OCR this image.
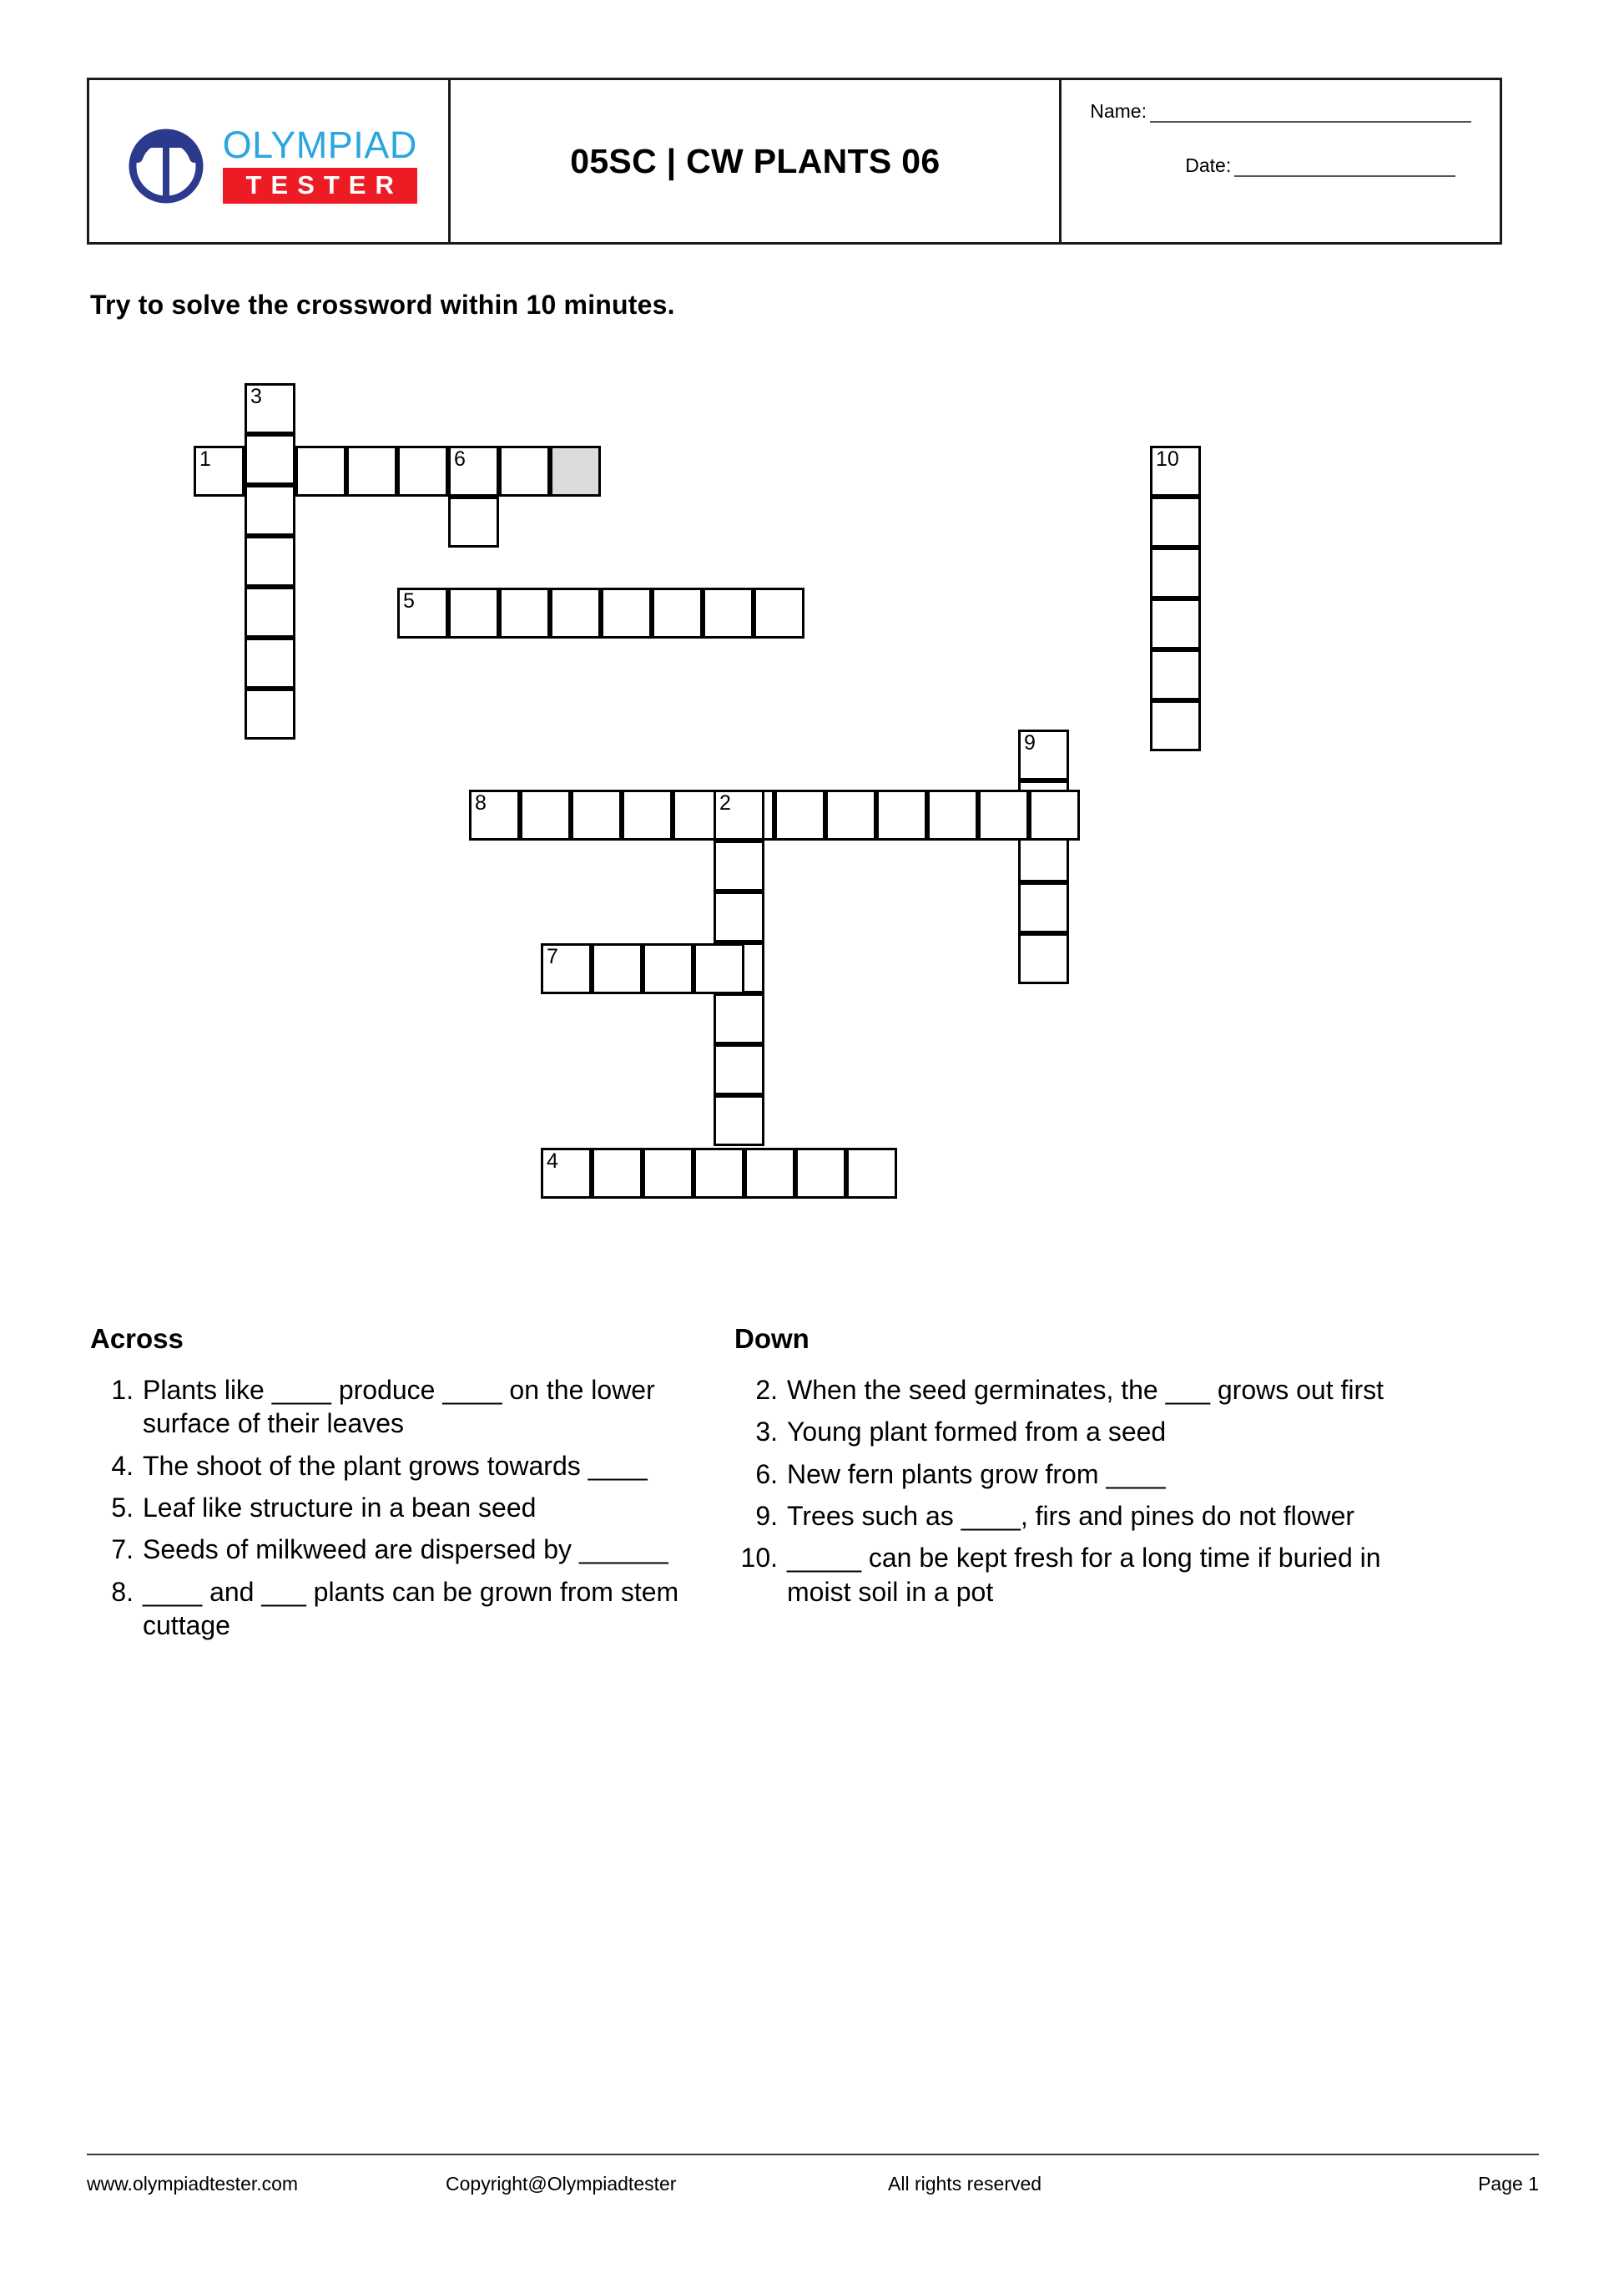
OLYMPIAD
TESTER
05SC | CW PLANTS 06
Name:
Date:
Try to solve the crossword within 10 minutes.
1	6
3
10
5
9
8	2
7
4
Across
1. Plants like ____ produce ____ on the lower surface of their leaves
4. The shoot of the plant grows towards ____
5. Leaf like structure in a bean seed
7. Seeds of milkweed are dispersed by ______
8. ____ and ___ plants can be grown from stem cuttage
Down
2. When the seed germinates, the ___ grows out first
3. Young plant formed from a seed
6. New fern plants grow from ____
9. Trees such as ____, firs and pines do not flower
10. _____ can be kept fresh for a long time if buried in moist soil in a pot
www.olympiadtester.com	Copyright@Olympiadtester	All rights reserved	Page 1
